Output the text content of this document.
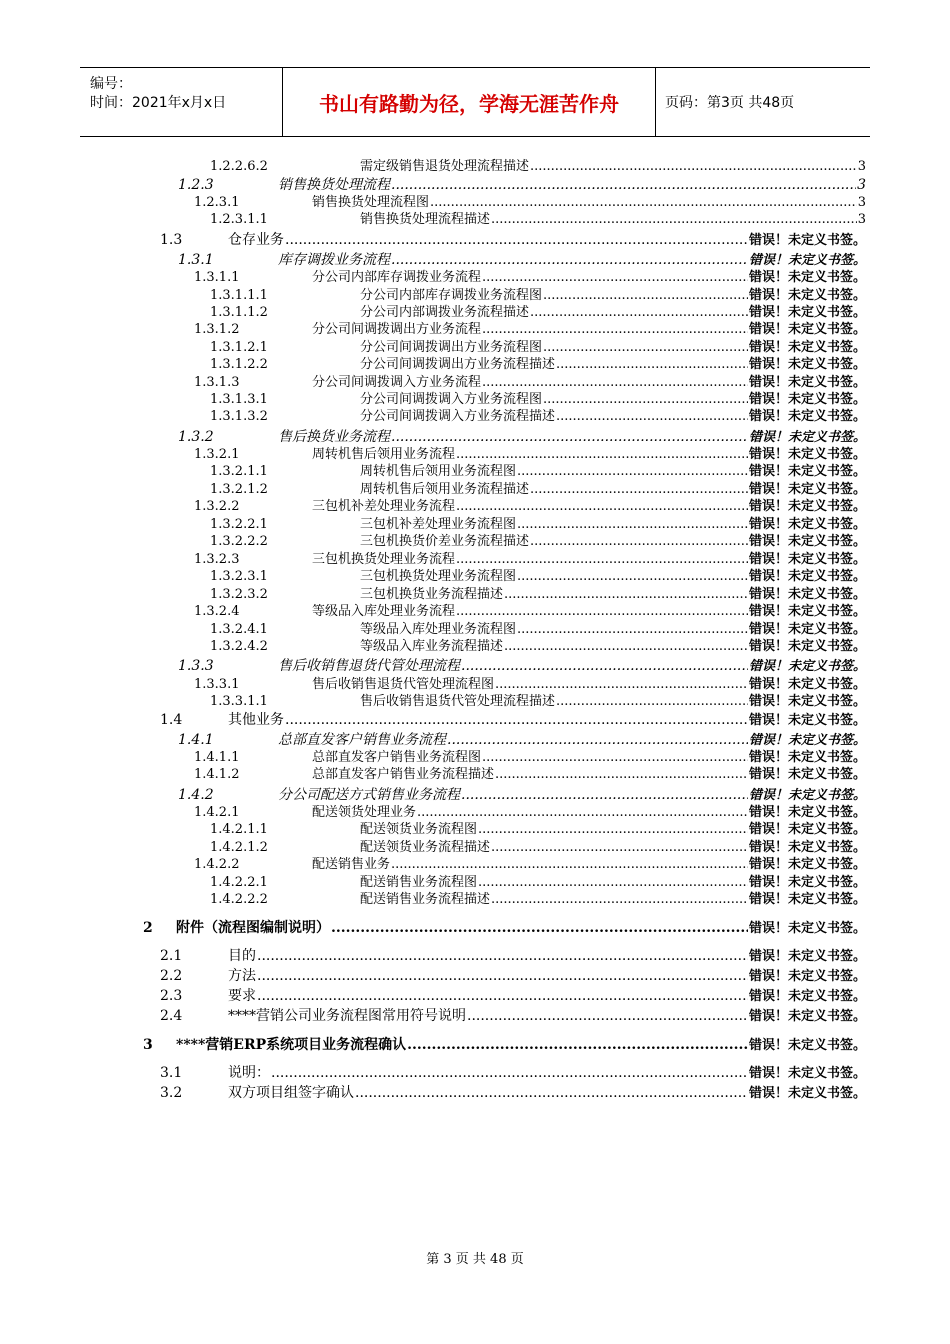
编号：
时间：2021年x月x日	书山有路勤为径，学海无涯苦作舟	页码：第3页 共48页
1.2.2.6.2	需定级销售退货处理流程描述 .....	3
1.2.3	销售换货处理流程 .....	3
1.2.3.1	销售换货处理流程图 .....	3
1.2.3.1.1	销售换货处理流程描述 .....	3
1.3	仓存业务 .....	错误！未定义书签。
1.3.1	库存调拨业务流程 .....	错误！未定义书签。
1.3.1.1	分公司内部库存调拨业务流程 .....	错误！未定义书签。
1.3.1.1.1	分公司内部库存调拨业务流程图 .....	错误！未定义书签。
1.3.1.1.2	分公司内部调拨业务流程描述 .....	错误！未定义书签。
1.3.1.2	分公司间调拨调出方业务流程 .....	错误！未定义书签。
1.3.1.2.1	分公司间调拨调出方业务流程图 .....	错误！未定义书签。
1.3.1.2.2	分公司间调拨调出方业务流程描述 .....	错误！未定义书签。
1.3.1.3	分公司间调拨调入方业务流程 .....	错误！未定义书签。
1.3.1.3.1	分公司间调拨调入方业务流程图 .....	错误！未定义书签。
1.3.1.3.2	分公司间调拨调入方业务流程描述 .....	错误！未定义书签。
1.3.2	售后换货业务流程 .....	错误！未定义书签。
1.3.2.1	周转机售后领用业务流程 .....	错误！未定义书签。
1.3.2.1.1	周转机售后领用业务流程图 .....	错误！未定义书签。
1.3.2.1.2	周转机售后领用业务流程描述 .....	错误！未定义书签。
1.3.2.2	三包机补差处理业务流程 .....	错误！未定义书签。
1.3.2.2.1	三包机补差处理业务流程图 .....	错误！未定义书签。
1.3.2.2.2	三包机换货价差业务流程描述 .....	错误！未定义书签。
1.3.2.3	三包机换货处理业务流程 .....	错误！未定义书签。
1.3.2.3.1	三包机换货处理业务流程图 .....	错误！未定义书签。
1.3.2.3.2	三包机换货业务流程描述 .....	错误！未定义书签。
1.3.2.4	等级品入库处理业务流程 .....	错误！未定义书签。
1.3.2.4.1	等级品入库处理业务流程图 .....	错误！未定义书签。
1.3.2.4.2	等级品入库业务流程描述 .....	错误！未定义书签。
1.3.3	售后收销售退货代管处理流程 .....	错误！未定义书签。
1.3.3.1	售后收销售退货代管处理流程图 .....	错误！未定义书签。
1.3.3.1.1	售后收销售退货代管处理流程描述 .....	错误！未定义书签。
1.4	其他业务 .....	错误！未定义书签。
1.4.1	总部直发客户销售业务流程 .....	错误！未定义书签。
1.4.1.1	总部直发客户销售业务流程图 .....	错误！未定义书签。
1.4.1.2	总部直发客户销售业务流程描述 .....	错误！未定义书签。
1.4.2	分公司配送方式销售业务流程 .....	错误！未定义书签。
1.4.2.1	配送领货处理业务 .....	错误！未定义书签。
1.4.2.1.1	配送领货业务流程图 .....	错误！未定义书签。
1.4.2.1.2	配送领货业务流程描述 .....	错误！未定义书签。
1.4.2.2	配送销售业务 .....	错误！未定义书签。
1.4.2.2.1	配送销售业务流程图 .....	错误！未定义书签。
1.4.2.2.2	配送销售业务流程描述 .....	错误！未定义书签。
2 附件（流程图编制说明） .....	错误！未定义书签。
2.1	目的 .....	错误！未定义书签。
2.2	方法 .....	错误！未定义书签。
2.3	要求 .....	错误！未定义书签。
2.4	****营销公司业务流程图常用符号说明 .....	错误！未定义书签。
3 ****营销ERP系统项目业务流程确认 .....	错误！未定义书签。
3.1	说明： .....	错误！未定义书签。
3.2	双方项目组签字确认 .....	错误！未定义书签。
第 3 页 共 48 页
